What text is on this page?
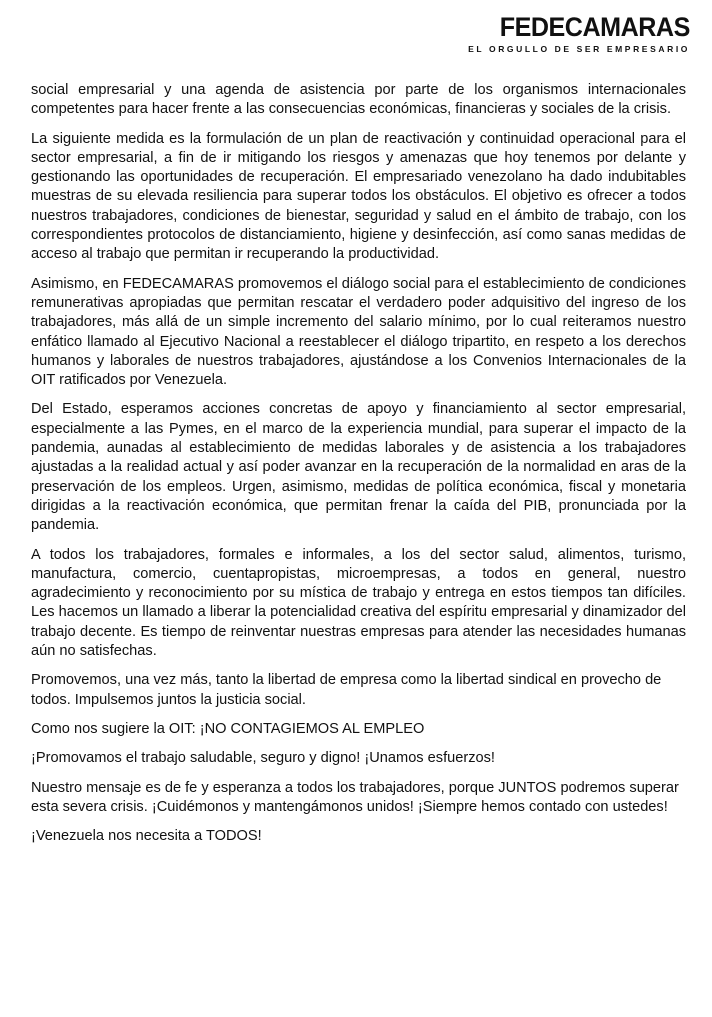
FEDECAMARAS
EL ORGULLO DE SER EMPRESARIO

social empresarial y una agenda de asistencia por parte de los organismos internacionales competentes para hacer frente a las consecuencias económicas, financieras y sociales de la crisis.

La siguiente medida es la formulación de un plan de reactivación y continuidad operacional para el sector empresarial, a fin de ir mitigando los riesgos y amenazas que hoy tenemos por delante y gestionando las oportunidades de recuperación. El empresariado venezolano ha dado indubitables muestras de su elevada resiliencia para superar todos los obstáculos. El objetivo es ofrecer a todos nuestros trabajadores, condiciones de bienestar, seguridad y salud en el ámbito de trabajo, con los correspondientes protocolos de distanciamiento, higiene y desinfección, así como sanas medidas de acceso al trabajo que permitan ir recuperando la productividad.

Asimismo, en FEDECAMARAS promovemos el diálogo social para el establecimiento de condiciones remunerativas apropiadas que permitan rescatar el verdadero poder adquisitivo del ingreso de los trabajadores, más allá de un simple incremento del salario mínimo, por lo cual reiteramos nuestro enfático llamado al Ejecutivo Nacional a reestablecer el diálogo tripartito, en respeto a los derechos humanos y laborales de nuestros trabajadores, ajustándose a los Convenios Internacionales de la OIT ratificados por Venezuela.

Del Estado, esperamos acciones concretas de apoyo y financiamiento al sector empresarial, especialmente a las Pymes, en el marco de la experiencia mundial, para superar el impacto de la pandemia, aunadas al establecimiento de medidas laborales y de asistencia a los trabajadores ajustadas a la realidad actual y así poder avanzar en la recuperación de la normalidad en aras de la preservación de los empleos. Urgen, asimismo, medidas de política económica, fiscal y monetaria dirigidas a la reactivación económica, que permitan frenar la caída del PIB, pronunciada por la pandemia.

A todos los trabajadores, formales e informales, a los del sector salud, alimentos, turismo, manufactura, comercio, cuentapropistas, microempresas, a todos en general, nuestro agradecimiento y reconocimiento por su mística de trabajo y entrega en estos tiempos tan difíciles. Les hacemos un llamado a liberar la potencialidad creativa del espíritu empresarial y dinamizador del trabajo decente. Es tiempo de reinventar nuestras empresas para atender las necesidades humanas aún no satisfechas.

Promovemos, una vez más, tanto la libertad de empresa como la libertad sindical en provecho de todos. Impulsemos juntos la justicia social.

Como nos sugiere la OIT: ¡NO CONTAGIEMOS AL EMPLEO

¡Promovamos el trabajo saludable, seguro y digno! ¡Unamos esfuerzos!

Nuestro mensaje es de fe y esperanza a todos los trabajadores, porque JUNTOS podremos superar esta severa crisis. ¡Cuidémonos y mantengámonos unidos! ¡Siempre hemos contado con ustedes!

¡Venezuela nos necesita a TODOS!
